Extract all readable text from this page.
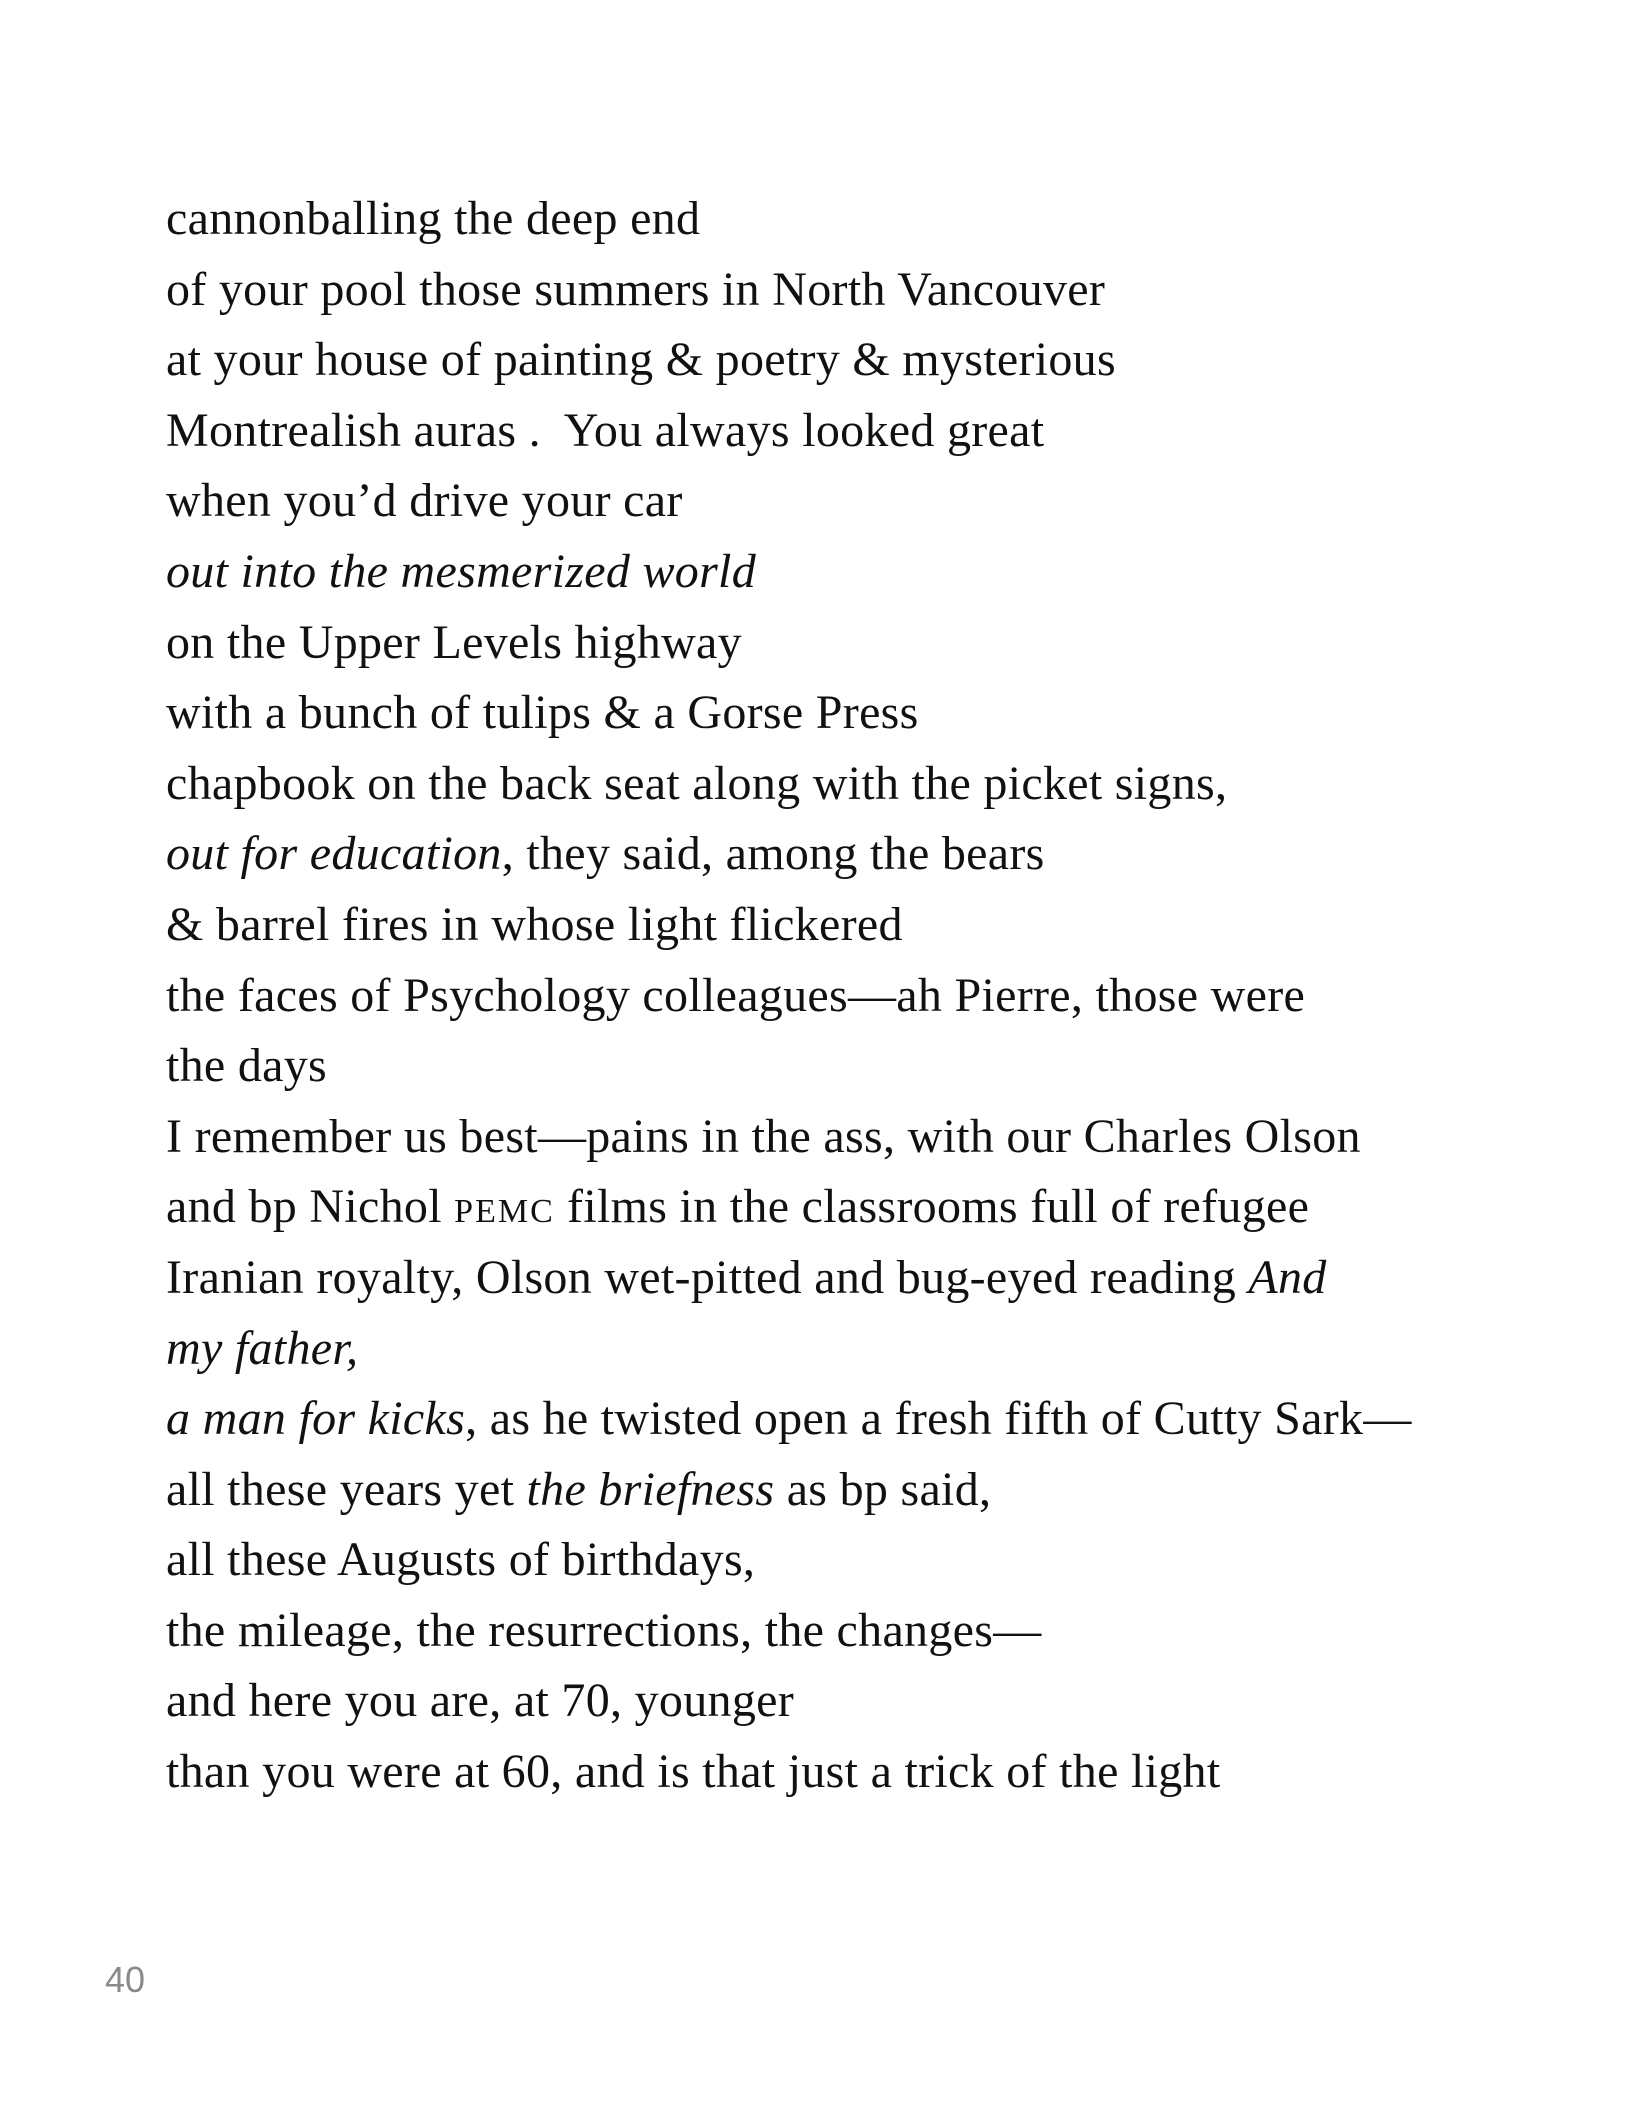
cannonballing the deep end
of your pool those summers in North Vancouver
at your house of painting & poetry & mysterious
Montrealish auras .  You always looked great
when you’d drive your car
out into the mesmerized world
on the Upper Levels highway
with a bunch of tulips & a Gorse Press
chapbook on the back seat along with the picket signs,
out for education, they said, among the bears
& barrel fires in whose light flickered
the faces of Psychology colleagues—ah Pierre, those were
the days
I remember us best—pains in the ass, with our Charles Olson
and bp Nichol pemc films in the classrooms full of refugee
Iranian royalty, Olson wet-pitted and bug-eyed reading And
my father,
a man for kicks, as he twisted open a fresh fifth of Cutty Sark—
all these years yet the briefness as bp said,
all these Augusts of birthdays,
the mileage, the resurrections, the changes—
and here you are, at 70, younger
than you were at 60, and is that just a trick of the light
40
